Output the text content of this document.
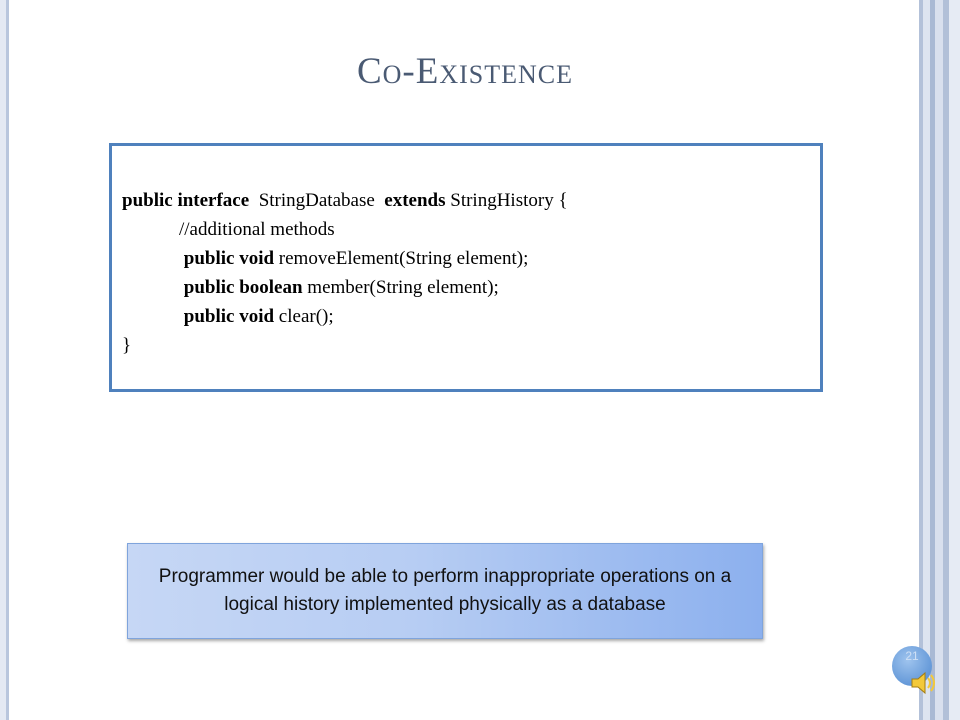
Co-Existence
public interface  StringDatabase  extends StringHistory {
//additional methods
public void removeElement(String element);
public boolean member(String element);
public void clear();
}
Programmer would be able to perform inappropriate operations on a logical history implemented physically as a database
21
